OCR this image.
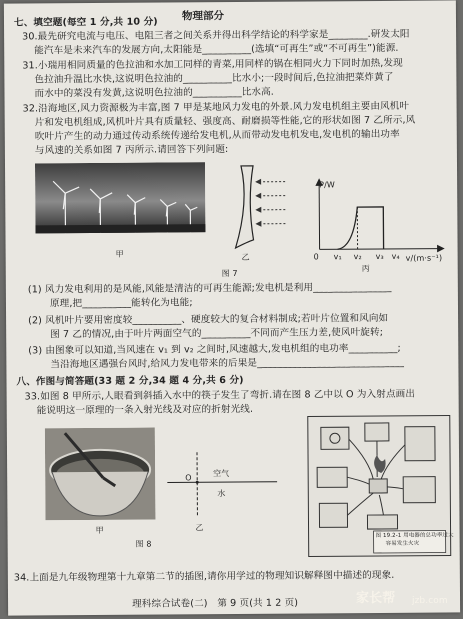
物理部分
七、填空题(每空 1 分,共 10 分)
30.最先研究电流与电压、电阻三者之间关系并得出科学结论的科学家是________.研发太阳
能汽车是未来汽车的发展方向,太阳能是__________(选填“可再生”或“不可再生”)能源.
31.小瑞用相同质量的色拉油和水加工同样的青菜,用同样的锅在相同火力下同时加热,发现
色拉油升温比水快,这说明色拉油的__________比水小;一段时间后,色拉油把菜炸黄了
而水中的菜没有发黄,这说明色拉油的__________比水高.
32.沿海地区,风力资源极为丰富,图 7 甲是某地风力发电的外景.风力发电机组主要由风机叶
片和发电机组成,风机叶片具有质量轻、强度高、耐磨损等性能,它的形状如图 7 乙所示,风
吹叶片产生的动力通过传动系统传递给发电机,从而带动发电机发电,发电机的输出功率
与风速的关系如图 7 丙所示.请回答下列问题:
甲	乙
P/W
0 v₁ v₂ v₃ v₄ v/(m·s⁻¹)
丙
图 7
(1) 风力发电利用的是风能,风能是清洁的可再生能源;发电机是利用________________
原理,把__________能转化为电能;
(2) 风机叶片要用密度较__________、硬度较大的复合材料制成;若叶片位置和风向如
图 7 乙的情况,由于叶片两面空气的__________不同而产生压力差,使风叶旋转;
(3) 由图象可以知道,当风速在 v₁ 到 v₂ 之间时,风速越大,发电机组的电功率__________;
当沿海地区遇强台风时,给风力发电带来的后果是______________________________
八、作图与简答题(33 题 2 分,34 题 4 分,共 6 分)
33.如图 8 甲所示,人眼看到斜插入水中的筷子发生了弯折.请在图 8 乙中以 O 为入射点画出
能说明这一原理的一条入射光线及对应的折射光线.
甲
O	空气
水
乙
图 8
图 19.2-1 用电器的总功率过大
容易发生火灾
34.上面是九年级物理第十九章第二节的插图,请你用学过的物理知识解释图中描述的现象.
理科综合试卷(二)　第 9 页(共 1 2 页)	家长帮 jzb.com
